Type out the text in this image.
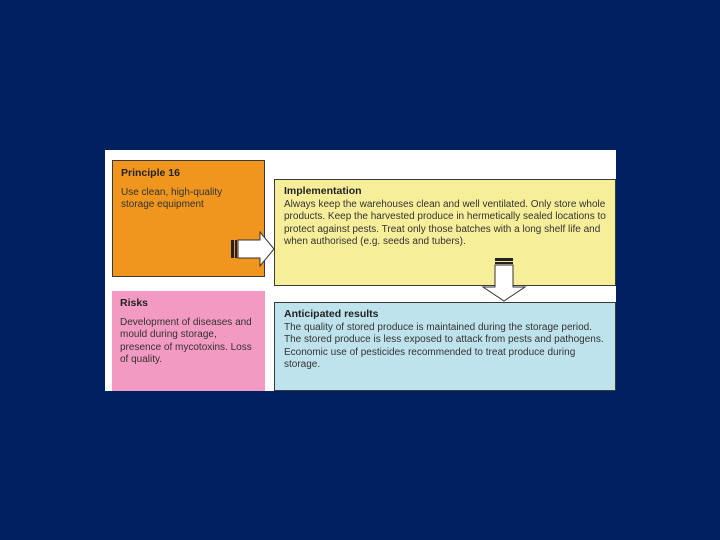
Principle 16

Use clean, high-quality storage equipment

Risks

Development of diseases and mould during storage, presence of mycotoxins. Loss of quality.

Implementation

Always keep the warehouses clean and well ventilated. Only store whole products. Keep the harvested produce in hermetically sealed locations to protect against pests. Treat only those batches with a long shelf life and when authorised (e.g. seeds and tubers).

Anticipated results

The quality of stored produce is maintained during the storage period. The stored produce is less exposed to attack from pests and pathogens. Economic use of pesticides recommended to treat produce during storage.
